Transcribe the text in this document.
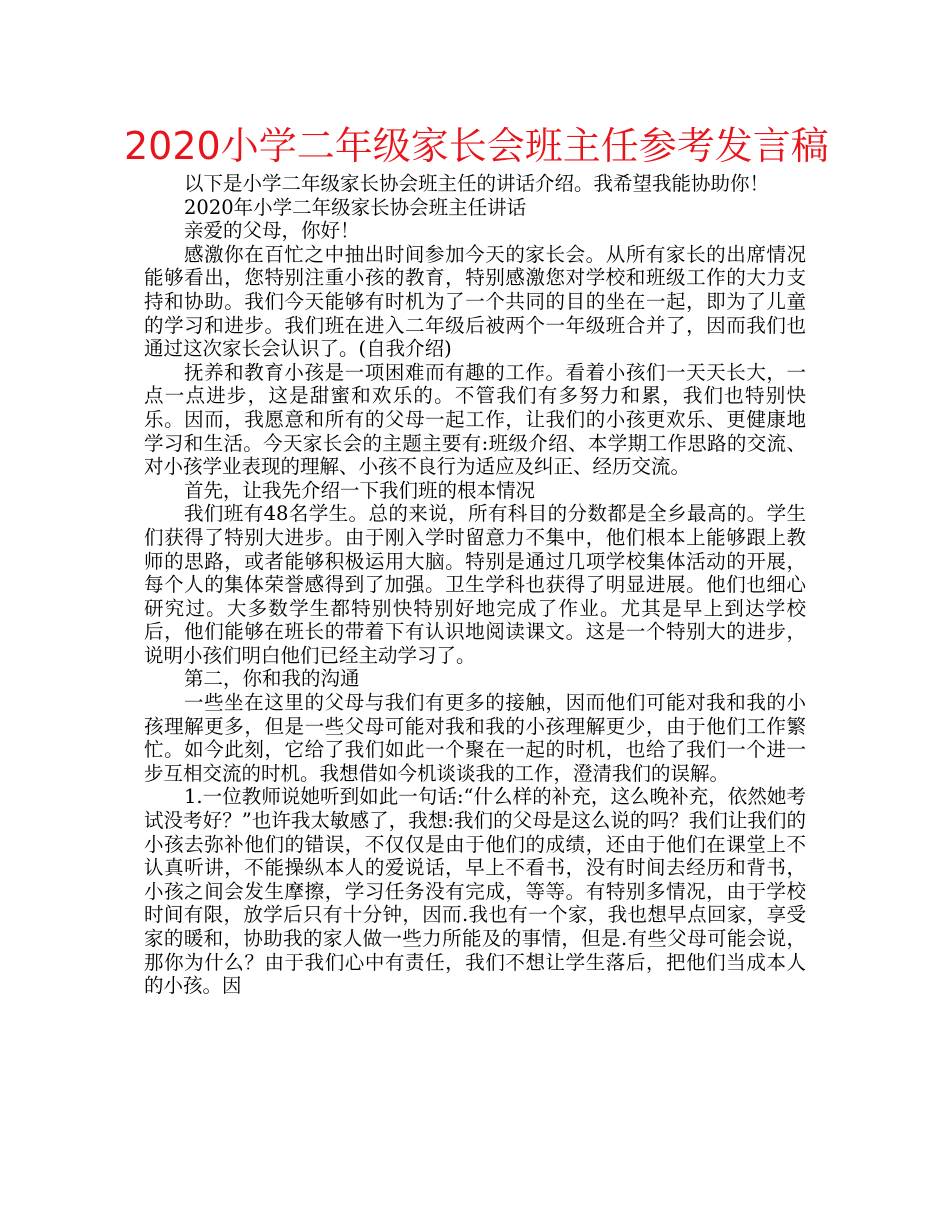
2020小学二年级家长会班主任参考发言稿

以下是小学二年级家长协会班主任的讲话介绍。我希望我能协助你！

2020年小学二年级家长协会班主任讲话

亲爱的父母，你好！

感激你在百忙之中抽出时间参加今天的家长会。从所有家长的出席情况能够看出，您特别注重小孩的教育，特别感激您对学校和班级工作的大力支持和协助。我们今天能够有时机为了一个共同的目的坐在一起，即为了儿童的学习和进步。我们班在进入二年级后被两个一年级班合并了，因而我们也通过这次家长会认识了。(自我介绍)

抚养和教育小孩是一项困难而有趣的工作。看着小孩们一天天长大，一点一点进步，这是甜蜜和欢乐的。不管我们有多努力和累，我们也特别快乐。因而，我愿意和所有的父母一起工作，让我们的小孩更欢乐、更健康地学习和生活。今天家长会的主题主要有:班级介绍、本学期工作思路的交流、对小孩学业表现的理解、小孩不良行为适应及纠正、经历交流。

首先，让我先介绍一下我们班的根本情况

我们班有48名学生。总的来说，所有科目的分数都是全乡最高的。学生们获得了特别大进步。由于刚入学时留意力不集中，他们根本上能够跟上教师的思路，或者能够积极运用大脑。特别是通过几项学校集体活动的开展，每个人的集体荣誉感得到了加强。卫生学科也获得了明显进展。他们也细心研究过。大多数学生都特别快特别好地完成了作业。尤其是早上到达学校后，他们能够在班长的带着下有认识地阅读课文。这是一个特别大的进步，说明小孩们明白他们已经主动学习了。

第二，你和我的沟通

一些坐在这里的父母与我们有更多的接触，因而他们可能对我和我的小孩理解更多，但是一些父母可能对我和我的小孩理解更少，由于他们工作繁忙。如今此刻，它给了我们如此一个聚在一起的时机，也给了我们一个进一步互相交流的时机。我想借如今机谈谈我的工作，澄清我们的误解。

1.一位教师说她听到如此一句话:“什么样的补充，这么晚补充，依然她考试没考好？”也许我太敏感了，我想:我们的父母是这么说的吗？我们让我们的小孩去弥补他们的错误，不仅仅是由于他们的成绩，还由于他们在课堂上不认真听讲，不能操纵本人的爱说话，早上不看书，没有时间去经历和背书，小孩之间会发生摩擦，学习任务没有完成，等等。有特别多情况，由于学校时间有限，放学后只有十分钟，因而.我也有一个家，我也想早点回家，享受家的暖和，协助我的家人做一些力所能及的事情，但是.有些父母可能会说，那你为什么？由于我们心中有责任，我们不想让学生落后，把他们当成本人的小孩。因
